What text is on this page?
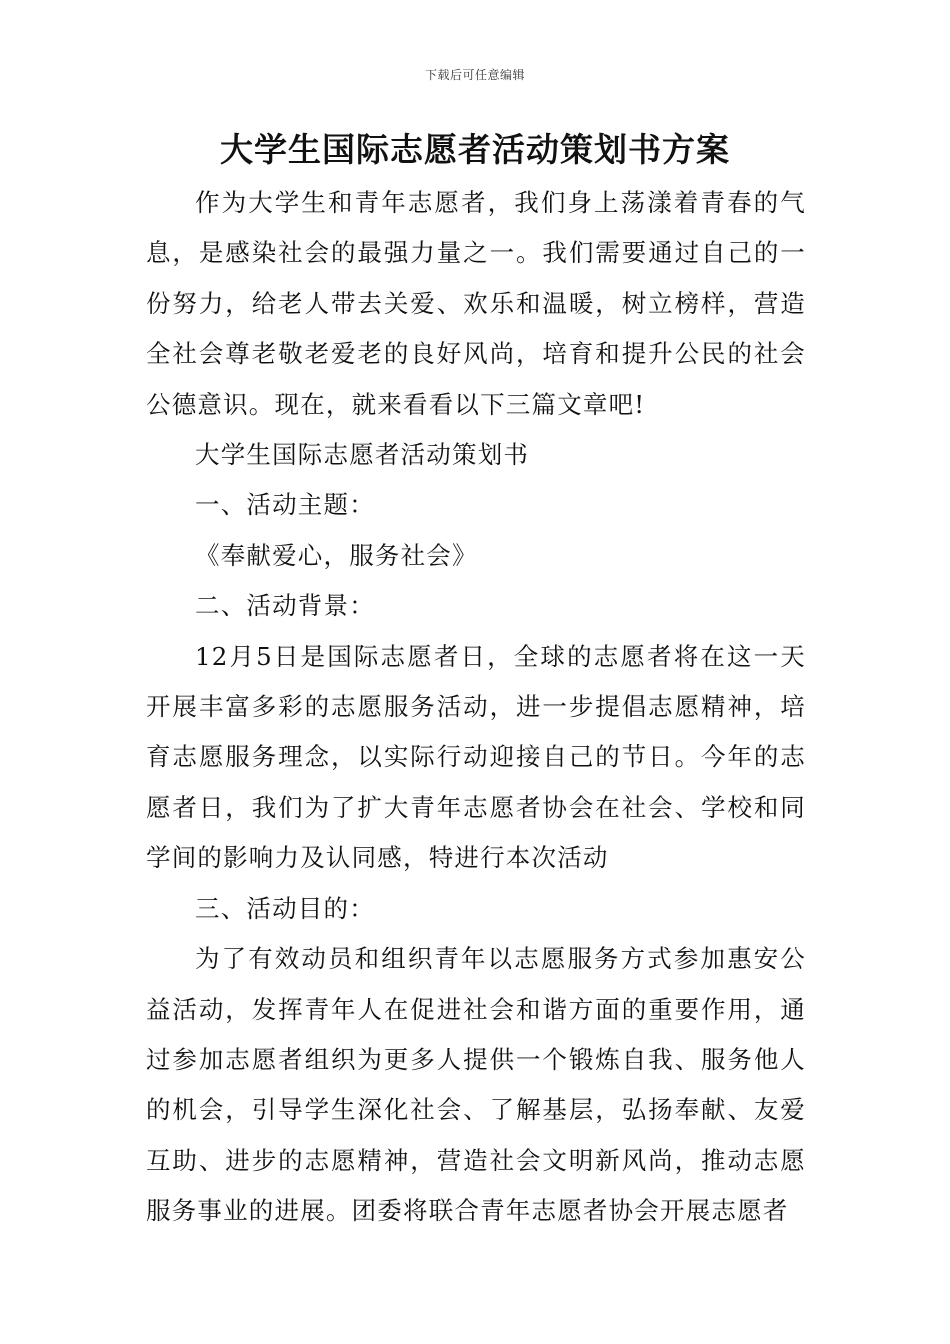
下载后可任意编辑
大学生国际志愿者活动策划书方案

作为大学生和青年志愿者，我们身上荡漾着青春的气息，是感染社会的最强力量之一。我们需要通过自己的一份努力，给老人带去关爱、欢乐和温暖，树立榜样，营造全社会尊老敬老爱老的良好风尚，培育和提升公民的社会公德意识。现在，就来看看以下三篇文章吧!

大学生国际志愿者活动策划书

一、活动主题：

《奉献爱心，服务社会》

二、活动背景：

12月5日是国际志愿者日，全球的志愿者将在这一天开展丰富多彩的志愿服务活动，进一步提倡志愿精神，培育志愿服务理念，以实际行动迎接自己的节日。今年的志愿者日，我们为了扩大青年志愿者协会在社会、学校和同学间的影响力及认同感，特进行本次活动

三、活动目的：

为了有效动员和组织青年以志愿服务方式参加惠安公益活动，发挥青年人在促进社会和谐方面的重要作用，通过参加志愿者组织为更多人提供一个锻炼自我、服务他人的机会，引导学生深化社会、了解基层，弘扬奉献、友爱互助、进步的志愿精神，营造社会文明新风尚，推动志愿服务事业的进展。团委将联合青年志愿者协会开展志愿者
